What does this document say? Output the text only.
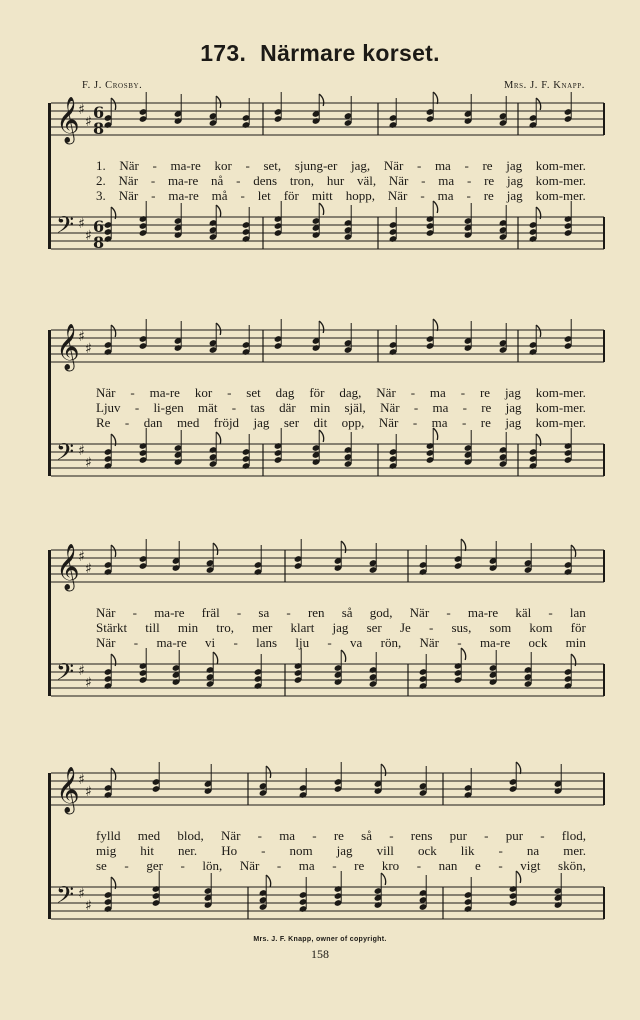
173. Närmare korset.
F. J. Crosby.	Mrs. J. F. Knapp.
𝄞
♯
♯ 6
8
𝄢 ♯
♯ 6
8
1. När - ma-re kor - set, sjung-er jag, När - ma - re jag kom-mer.
2. När - ma-re nå - dens tron, hur väl, När - ma - re jag kom-mer.
3. När - ma-re må - let för mitt hopp, När - ma - re jag kom-mer.
𝄞
♯
♯
𝄢 ♯
♯
När - ma-re kor - set dag för dag, När - ma - re jag kom-mer.
Ljuv - li-gen mät - tas där min själ, När - ma - re jag kom-mer.
Re - dan med fröjd jag ser dit opp, När - ma - re jag kom-mer.
𝄞
♯
♯
𝄢 ♯
♯
När - ma-re fräl - sa - ren så god, När - ma-re käl - lan
Stärkt till min tro, mer klart jag ser Je - sus, som kom för
När - ma-re vi - lans lju - va rön, När - ma-re ock min
𝄞
♯
♯
𝄢 ♯
♯
fylld med blod, När - ma - re så - rens pur - pur - flod,
mig hit ner. Ho - nom jag vill ock lik - na mer.
se - ger - lön, När - ma - re kro - nan e - vigt skön,
Mrs. J. F. Knapp, owner of copyright.
158
